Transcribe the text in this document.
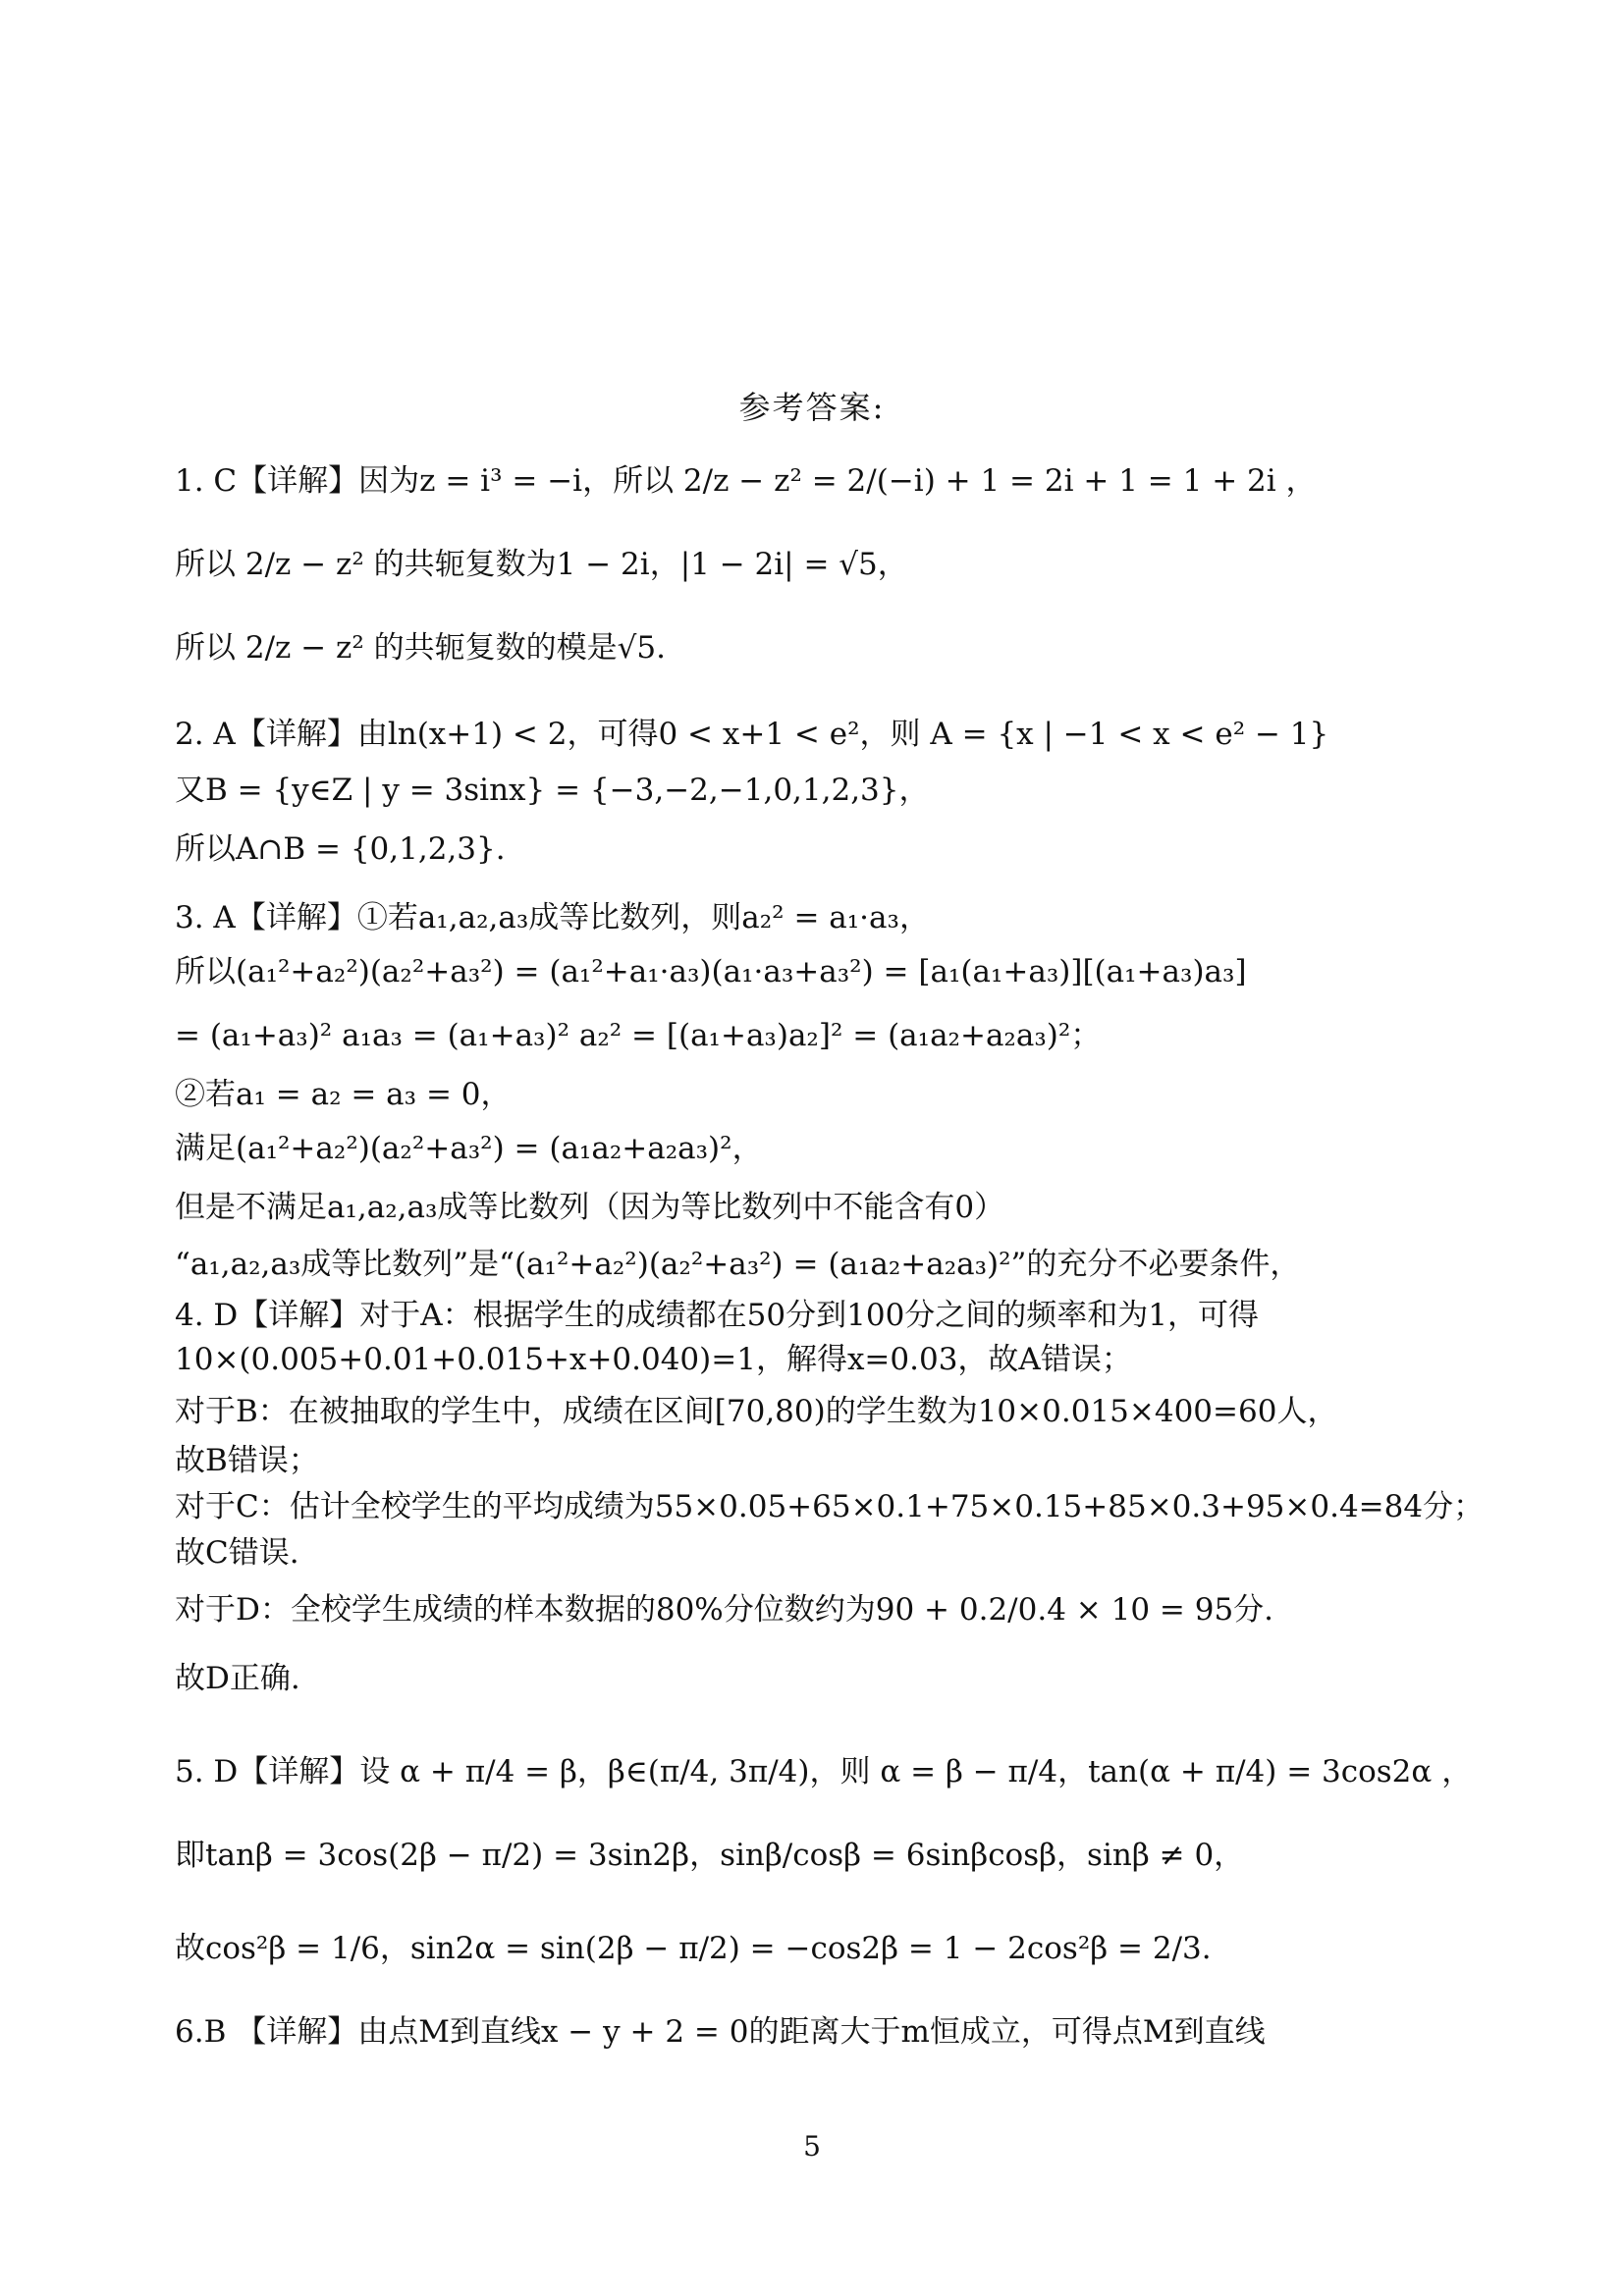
参考答案:
1. C【详解】因为z = i³ = −i，所以 2/z − z² = 2/(−i) + 1 = 2i + 1 = 1 + 2i ，
所以 2/z − z² 的共轭复数为1 − 2i，|1 − 2i| = √5，
所以 2/z − z² 的共轭复数的模是√5.
2. A【详解】由ln(x+1) < 2，可得0 < x+1 < e²，则 A = {x | −1 < x < e² − 1}
又B = {y∈Z | y = 3sinx} = {−3,−2,−1,0,1,2,3}，
所以A∩B = {0,1,2,3}.
3. A【详解】①若a₁,a₂,a₃成等比数列，则a₂² = a₁·a₃，
所以(a₁²+a₂²)(a₂²+a₃²) = (a₁²+a₁·a₃)(a₁·a₃+a₃²) = [a₁(a₁+a₃)][(a₁+a₃)a₃]
= (a₁+a₃)² a₁a₃ = (a₁+a₃)² a₂² = [(a₁+a₃)a₂]² = (a₁a₂+a₂a₃)²；
②若a₁ = a₂ = a₃ = 0，
满足(a₁²+a₂²)(a₂²+a₃²) = (a₁a₂+a₂a₃)²，
但是不满足a₁,a₂,a₃成等比数列（因为等比数列中不能含有0）
“a₁,a₂,a₃成等比数列”是“(a₁²+a₂²)(a₂²+a₃²) = (a₁a₂+a₂a₃)²”的充分不必要条件，
4. D【详解】对于A：根据学生的成绩都在50分到100分之间的频率和为1，可得
10×(0.005+0.01+0.015+x+0.040)=1，解得x=0.03，故A错误；
对于B：在被抽取的学生中，成绩在区间[70,80)的学生数为10×0.015×400=60人，
故B错误；
对于C：估计全校学生的平均成绩为55×0.05+65×0.1+75×0.15+85×0.3+95×0.4=84分；
故C错误.
对于D：全校学生成绩的样本数据的80%分位数约为90 + 0.2/0.4 × 10 = 95分.
故D正确.
5. D【详解】设 α + π/4 = β，β∈(π/4, 3π/4)，则 α = β − π/4，tan(α + π/4) = 3cos2α ，
即tanβ = 3cos(2β − π/2) = 3sin2β，sinβ/cosβ = 6sinβcosβ，sinβ ≠ 0，
故cos²β = 1/6，sin2α = sin(2β − π/2) = −cos2β = 1 − 2cos²β = 2/3.
6.B 【详解】由点M到直线x − y + 2 = 0的距离大于m恒成立，可得点M到直线
5
